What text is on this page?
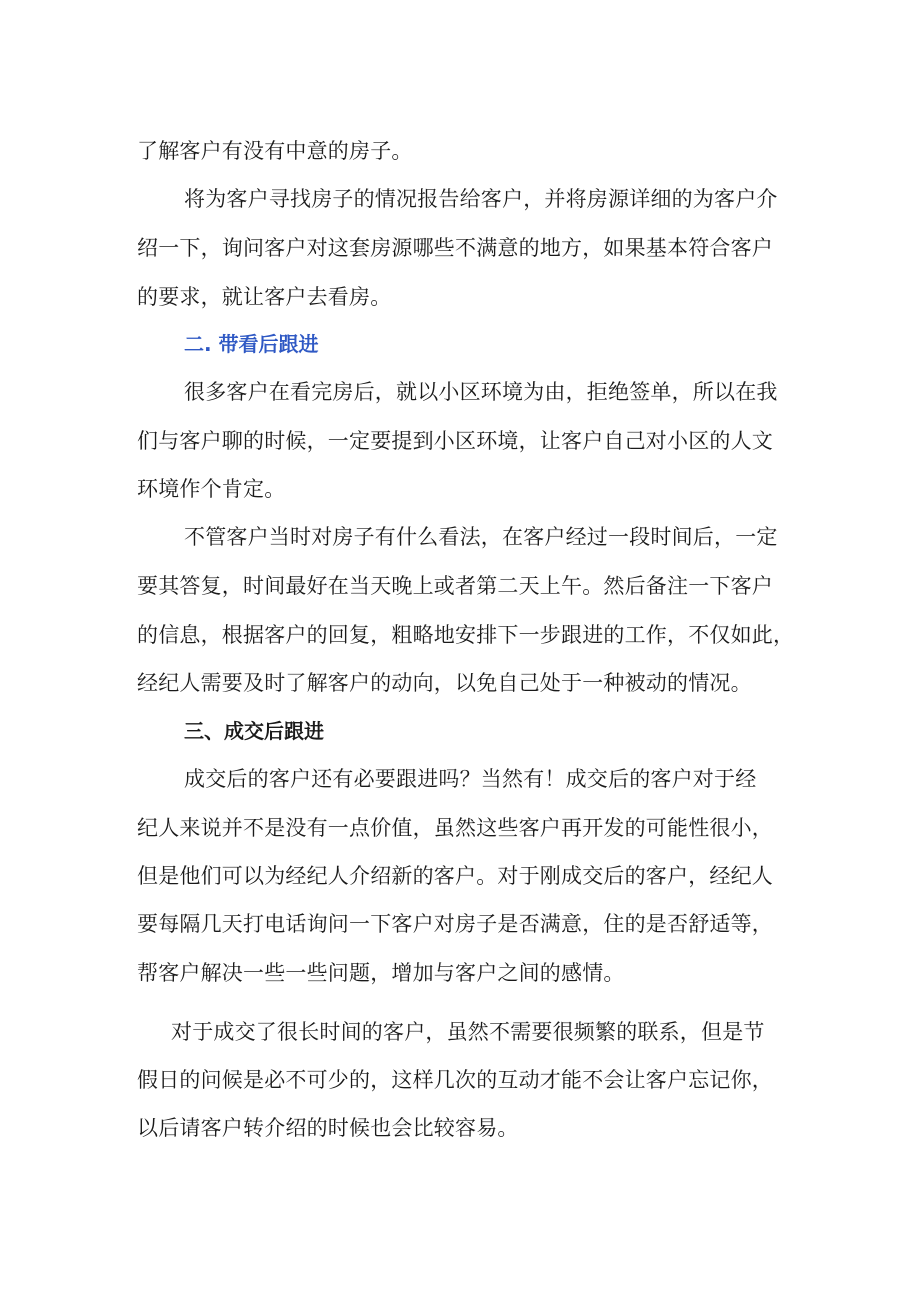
了解客户有没有中意的房子。
将为客户寻找房子的情况报告给客户，并将房源详细的为客户介
绍一下，询问客户对这套房源哪些不满意的地方，如果基本符合客户
的要求，就让客户去看房。
二. 带看后跟进
很多客户在看完房后，就以小区环境为由，拒绝签单，所以在我
们与客户聊的时候，一定要提到小区环境，让客户自己对小区的人文
环境作个肯定。
不管客户当时对房子有什么看法，在客户经过一段时间后，一定
要其答复，时间最好在当天晚上或者第二天上午。然后备注一下客户
的信息，根据客户的回复，粗略地安排下一步跟进的工作，不仅如此，
经纪人需要及时了解客户的动向，以免自己处于一种被动的情况。
三、成交后跟进
成交后的客户还有必要跟进吗？当然有！成交后的客户对于经
纪人来说并不是没有一点价值，虽然这些客户再开发的可能性很小，
但是他们可以为经纪人介绍新的客户。对于刚成交后的客户，经纪人
要每隔几天打电话询问一下客户对房子是否满意，住的是否舒适等，
帮客户解决一些一些问题，增加与客户之间的感情。
对于成交了很长时间的客户，虽然不需要很频繁的联系，但是节
假日的问候是必不可少的，这样几次的互动才能不会让客户忘记你，
以后请客户转介绍的时候也会比较容易。
